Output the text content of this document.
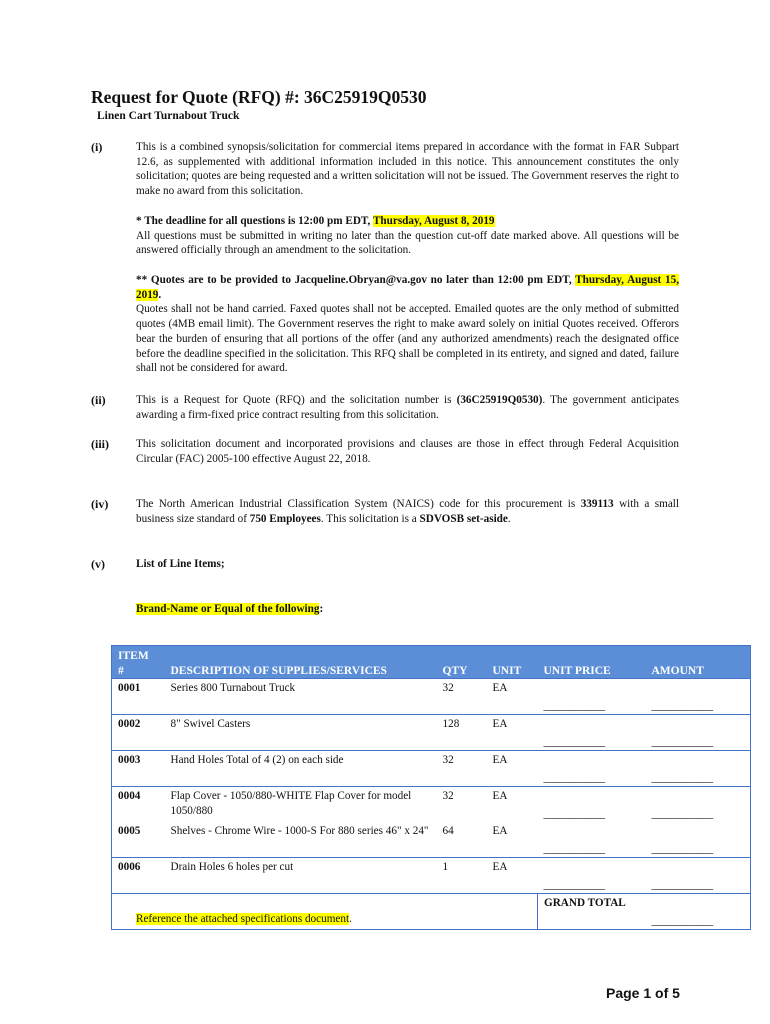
Request for Quote (RFQ) #: 36C25919Q0530
Linen Cart Turnabout Truck
(i)	This is a combined synopsis/solicitation for commercial items prepared in accordance with the format in FAR Subpart 12.6, as supplemented with additional information included in this notice. This announcement constitutes the only solicitation; quotes are being requested and a written solicitation will not be issued. The Government reserves the right to make no award from this solicitation.
* The deadline for all questions is 12:00 pm EDT, Thursday, August 8, 2019
All questions must be submitted in writing no later than the question cut-off date marked above. All questions will be answered officially through an amendment to the solicitation.
** Quotes are to be provided to Jacqueline.Obryan@va.gov no later than 12:00 pm EDT, Thursday, August 15, 2019.
Quotes shall not be hand carried. Faxed quotes shall not be accepted. Emailed quotes are the only method of submitted quotes (4MB email limit). The Government reserves the right to make award solely on initial Quotes received. Offerors bear the burden of ensuring that all portions of the offer (and any authorized amendments) reach the designated office before the deadline specified in the solicitation. This RFQ shall be completed in its entirety, and signed and dated, failure shall not be considered for award.
(ii)	This is a Request for Quote (RFQ) and the solicitation number is (36C25919Q0530). The government anticipates awarding a firm-fixed price contract resulting from this solicitation.
(iii) This solicitation document and incorporated provisions and clauses are those in effect through Federal Acquisition Circular (FAC) 2005-100 effective August 22, 2018.
(iv) The North American Industrial Classification System (NAICS) code for this procurement is 339113 with a small business size standard of 750 Employees. This solicitation is a SDVOSB set-aside.
(v)	List of Line Items;
Brand-Name or Equal of the following:
ITEM
#	DESCRIPTION OF SUPPLIES/SERVICES	QTY	UNIT	UNIT PRICE	AMOUNT

0001	Series 800 Turnabout Truck	32	EA	____________	____________

0002	8" Swivel Casters	128	EA	____________	____________

0003	Hand Holes Total of 4 (2) on each side	32	EA	____________	____________

0004	Flap Cover - 1050/880-WHITE Flap Cover for model 1050/880	32	EA	____________	____________

0005	Shelves - Chrome Wire - 1000-S For 880 series 46" x 24"	64	EA	____________	____________

0006	Drain Holes 6 holes per cut	1	EA	____________	____________

				GRAND TOTAL	____________
Reference the attached specifications document.
Page 1 of 5
